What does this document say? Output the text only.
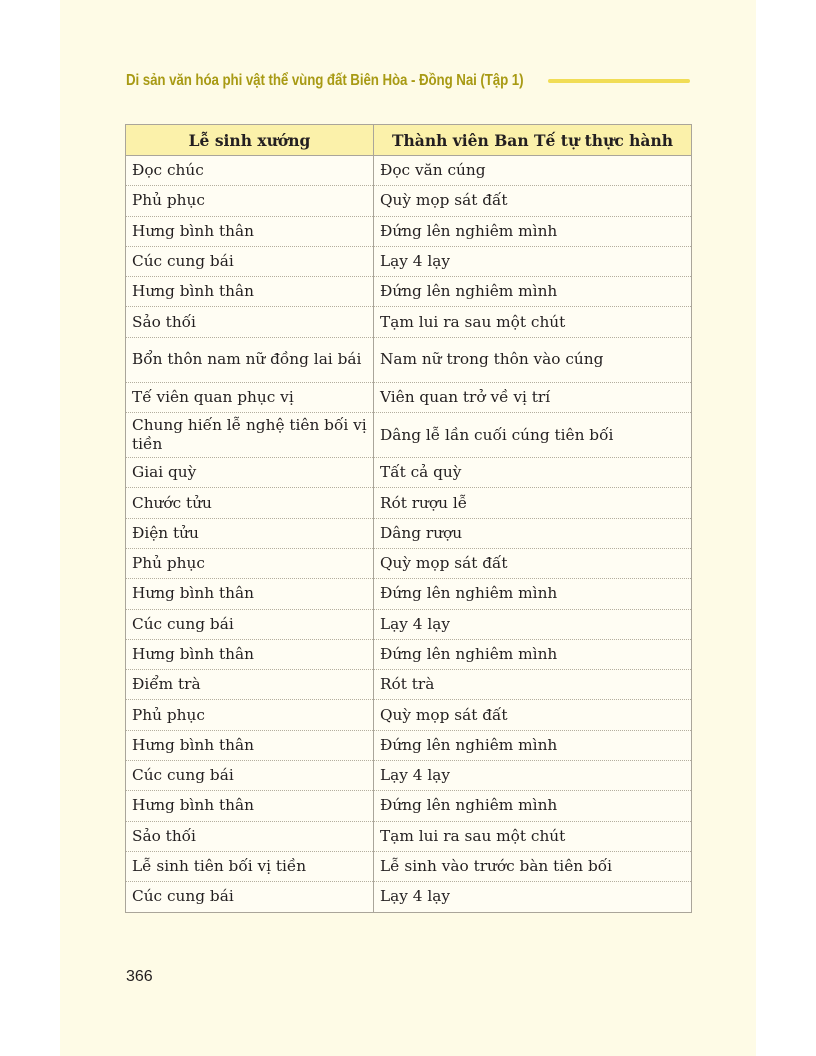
Di sản văn hóa phi vật thể vùng đất Biên Hòa - Đồng Nai (Tập 1)
Lễ sinh xướng	Thành viên Ban Tế tự thực hành
Đọc chúc	Đọc văn cúng
Phủ phục	Quỳ mọp sát đất
Hưng bình thân	Đứng lên nghiêm mình
Cúc cung bái	Lạy 4 lạy
Hưng bình thân	Đứng lên nghiêm mình
Sảo thối	Tạm lui ra sau một chút
Bổn thôn nam nữ đồng lai bái	Nam nữ trong thôn vào cúng
Tế viên quan phục vị	Viên quan trở về vị trí
Chung hiến lễ nghệ tiên bối vị tiền	Dâng lễ lần cuối cúng tiên bối
Giai quỳ	Tất cả quỳ
Chước tửu	Rót rượu lễ
Điện tửu	Dâng rượu
Phủ phục	Quỳ mọp sát đất
Hưng bình thân	Đứng lên nghiêm mình
Cúc cung bái	Lạy 4 lạy
Hưng bình thân	Đứng lên nghiêm mình
Điểm trà	Rót trà
Phủ phục	Quỳ mọp sát đất
Hưng bình thân	Đứng lên nghiêm mình
Cúc cung bái	Lạy 4 lạy
Hưng bình thân	Đứng lên nghiêm mình
Sảo thối	Tạm lui ra sau một chút
Lễ sinh tiên bối vị tiền	Lễ sinh vào trước bàn tiên bối
Cúc cung bái	Lạy 4 lạy
366
